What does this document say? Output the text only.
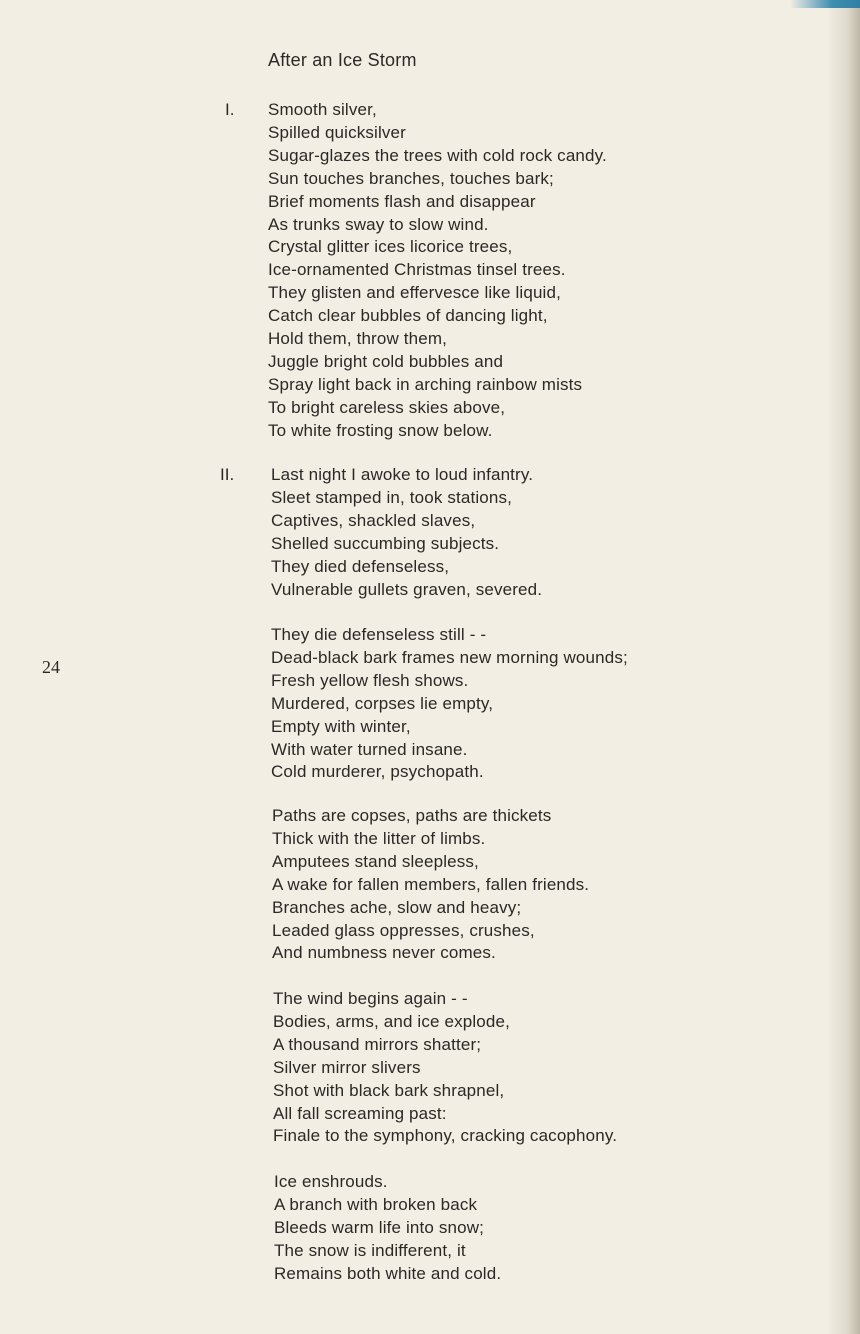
After an Ice Storm
I. Smooth silver,
Spilled quicksilver
Sugar-glazes the trees with cold rock candy.
Sun touches branches, touches bark;
Brief moments flash and disappear
As trunks sway to slow wind.
Crystal glitter ices licorice trees,
Ice-ornamented Christmas tinsel trees.
They glisten and effervesce like liquid,
Catch clear bubbles of dancing light,
Hold them, throw them,
Juggle bright cold bubbles and
Spray light back in arching rainbow mists
To bright careless skies above,
To white frosting snow below.
II. Last night I awoke to loud infantry.
Sleet stamped in, took stations,
Captives, shackled slaves,
Shelled succumbing subjects.
They died defenseless,
Vulnerable gullets graven, severed.
They die defenseless still - -
Dead-black bark frames new morning wounds;
Fresh yellow flesh shows.
Murdered, corpses lie empty,
Empty with winter,
With water turned insane.
Cold murderer, psychopath.
Paths are copses, paths are thickets
Thick with the litter of limbs.
Amputees stand sleepless,
A wake for fallen members, fallen friends.
Branches ache, slow and heavy;
Leaded glass oppresses, crushes,
And numbness never comes.
The wind begins again - -
Bodies, arms, and ice explode,
A thousand mirrors shatter;
Silver mirror slivers
Shot with black bark shrapnel,
All fall screaming past:
Finale to the symphony, cracking cacophony.
Ice enshrouds.
A branch with broken back
Bleeds warm life into snow;
The snow is indifferent, it
Remains both white and cold.
24
